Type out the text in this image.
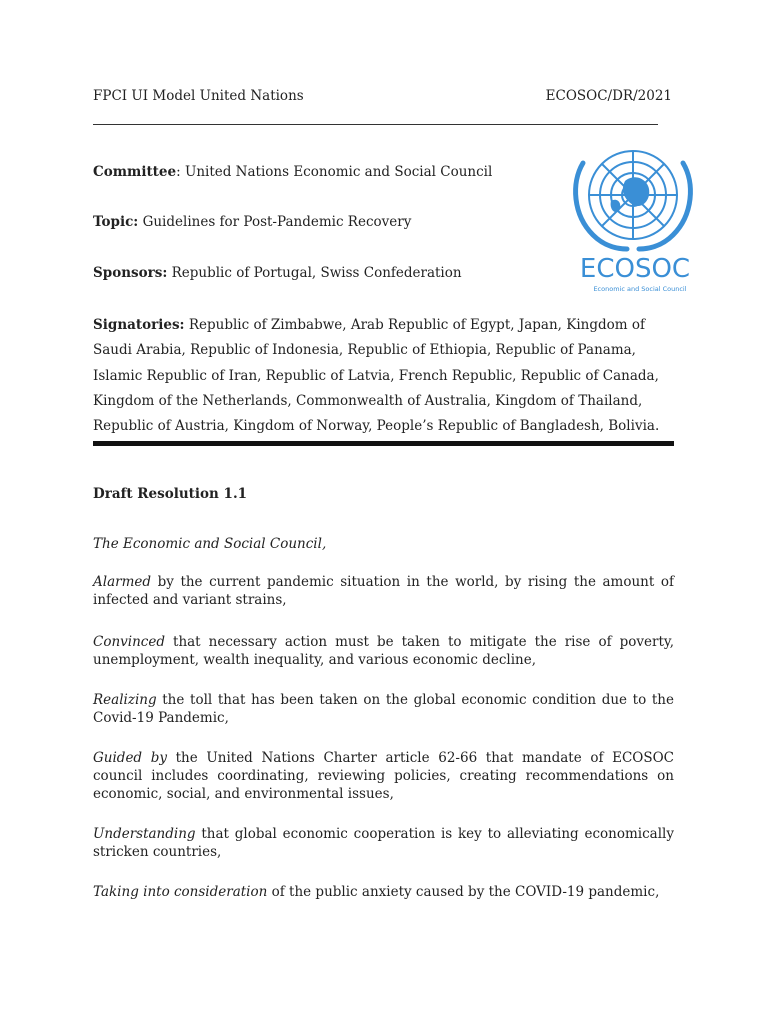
FPCI UI Model United Nations	ECOSOC/DR/2021
Committee: United Nations Economic and Social Council
Topic: Guidelines for Post-Pandemic Recovery
Sponsors: Republic of Portugal, Swiss Confederation
Signatories: Republic of Zimbabwe, Arab Republic of Egypt, Japan, Kingdom of Saudi Arabia, Republic of Indonesia, Republic of Ethiopia, Republic of Panama, Islamic Republic of Iran, Republic of Latvia, French Republic, Republic of Canada, Kingdom of the Netherlands, Commonwealth of Australia, Kingdom of Thailand, Republic of Austria, Kingdom of Norway, People’s Republic of Bangladesh, Bolivia.
ECOSOC
Economic and Social Council
Draft Resolution 1.1
The Economic and Social Council,

Alarmed by the current pandemic situation in the world, by rising the amount of infected and variant strains,

Convinced that necessary action must be taken to mitigate the rise of poverty, unemployment, wealth inequality, and various economic decline,

Realizing the toll that has been taken on the global economic condition due to the Covid-19 Pandemic,

Guided by the United Nations Charter article 62-66 that mandate of ECOSOC council includes coordinating, reviewing policies, creating recommendations on economic, social, and environmental issues,

Understanding that global economic cooperation is key to alleviating economically stricken countries,

Taking into consideration of the public anxiety caused by the COVID-19 pandemic,
